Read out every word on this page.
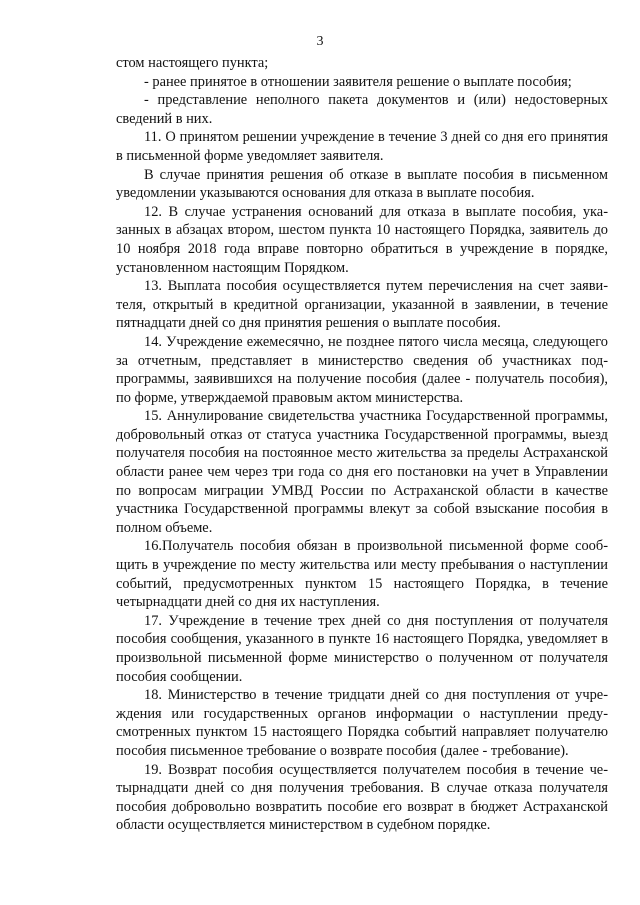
3

стом настоящего пункта;

- ранее принятое в отношении заявителя решение о выплате пособия;

- представление неполного пакета документов и (или) недостоверных сведений в них.

11. О принятом решении учреждение в течение 3 дней со дня его принятия в письменной форме уведомляет заявителя.

В случае принятия решения об отказе в выплате пособия в письменном уведомлении указываются основания для отказа в выплате пособия.

12. В случае устранения оснований для отказа в выплате пособия, указанных в абзацах втором, шестом пункта 10 настоящего Порядка, заявитель до 10 ноября 2018 года вправе повторно обратиться в учреждение в порядке, установленном настоящим Порядком.

13. Выплата пособия осуществляется путем перечисления на счет заявителя, открытый в кредитной организации, указанной в заявлении, в течение пятнадцати дней со дня принятия решения о выплате пособия.

14. Учреждение ежемесячно, не позднее пятого числа месяца, следующего за отчетным, представляет в министерство сведения об участниках подпрограммы, заявившихся на получение пособия (далее - получатель пособия), по форме, утверждаемой правовым актом министерства.

15. Аннулирование свидетельства участника Государственной программы, добровольный отказ от статуса участника Государственной программы, выезд получателя пособия на постоянное место жительства за пределы Астраханской области ранее чем через три года со дня его постановки на учет в Управлении по вопросам миграции УМВД России по Астраханской области в качестве участника Государственной программы влекут за собой взыскание пособия в полном объеме.

16.Получатель пособия обязан в произвольной письменной форме сообщить в учреждение по месту жительства или месту пребывания о наступлении событий, предусмотренных пунктом 15 настоящего Порядка, в течение четырнадцати дней со дня их наступления.

17. Учреждение в течение трех дней со дня поступления от получателя пособия сообщения, указанного в пункте 16 настоящего Порядка, уведомляет в произвольной письменной форме министерство о полученном от получателя пособия сообщении.

18. Министерство в течение тридцати дней со дня поступления от учреждения или государственных органов информации о наступлении предусмотренных пунктом 15 настоящего Порядка событий направляет получателю пособия письменное требование о возврате пособия (далее - требование).

19. Возврат пособия осуществляется получателем пособия в течение четырнадцати дней со дня получения требования. В случае отказа получателя пособия добровольно возвратить пособие его возврат в бюджет Астраханской области осуществляется министерством в судебном порядке.
